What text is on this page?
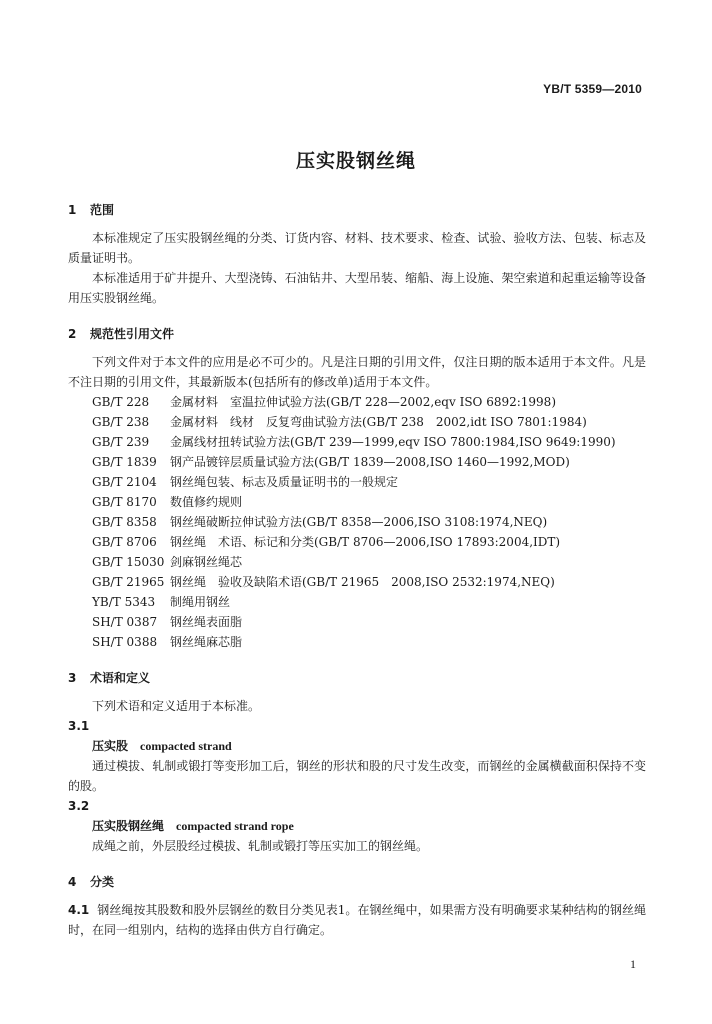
YB/T 5359—2010
压实股钢丝绳
1 范围

本标准规定了压实股钢丝绳的分类、订货内容、材料、技术要求、检查、试验、验收方法、包装、标志及质量证明书。

本标准适用于矿井提升、大型浇铸、石油钻井、大型吊装、缩船、海上设施、架空索道和起重运输等设备用压实股钢丝绳。

2 规范性引用文件

下列文件对于本文件的应用是必不可少的。凡是注日期的引用文件，仅注日期的版本适用于本文件。凡是不注日期的引用文件，其最新版本(包括所有的修改单)适用于本文件。

GB/T 228 金属材料　室温拉伸试验方法(GB/T 228—2002,eqv ISO 6892:1998)
GB/T 238 金属材料　线材　反复弯曲试验方法(GB/T 238　2002,idt ISO 7801:1984)
GB/T 239 金属线材扭转试验方法(GB/T 239—1999,eqv ISO 7800:1984,ISO 9649:1990)
GB/T 1839 钢产品镀锌层质量试验方法(GB/T 1839—2008,ISO 1460—1992,MOD)
GB/T 2104 钢丝绳包装、标志及质量证明书的一般规定
GB/T 8170 数值修约规则
GB/T 8358 钢丝绳破断拉伸试验方法(GB/T 8358—2006,ISO 3108:1974,NEQ)
GB/T 8706 钢丝绳　术语、标记和分类(GB/T 8706—2006,ISO 17893:2004,IDT)
GB/T 15030 剑麻钢丝绳芯
GB/T 21965 钢丝绳　验收及缺陷术语(GB/T 21965　2008,ISO 2532:1974,NEQ)
YB/T 5343 制绳用钢丝
SH/T 0387 钢丝绳表面脂
SH/T 0388 钢丝绳麻芯脂
3 术语和定义

下列术语和定义适用于本标准。

3.1
压实股 compacted strand

通过模拔、轧制或锻打等变形加工后，钢丝的形状和股的尺寸发生改变，而钢丝的金属横截面积保持不变的股。

3.2
压实股钢丝绳 compacted strand rope

成绳之前，外层股经过模拔、轧制或锻打等压实加工的钢丝绳。

4 分类

4.1 钢丝绳按其股数和股外层钢丝的数目分类见表1。在钢丝绳中，如果需方没有明确要求某种结构的钢丝绳时，在同一组别内，结构的选择由供方自行确定。

1
